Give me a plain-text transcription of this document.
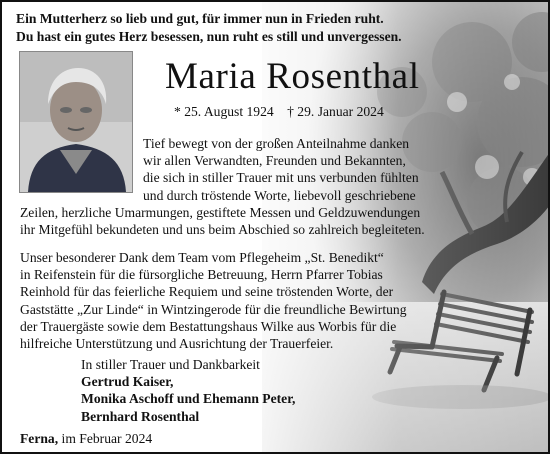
Ein Mutterherz so lieb und gut, für immer nun in Frieden ruht.
Du hast ein gutes Herz besessen, nun ruht es still und unvergessen.
Maria Rosenthal
* 25. August 1924 † 29. Januar 2024
Tief bewegt von der großen Anteilnahme danken
wir allen Verwandten, Freunden und Bekannten,
die sich in stiller Trauer mit uns verbunden fühlten
und durch tröstende Worte, liebevoll geschriebene
Zeilen, herzliche Umarmungen, gestiftete Messen und Geldzuwendungen
ihr Mitgefühl bekundeten und uns beim Abschied so zahlreich begleiteten.
Unser besonderer Dank dem Team vom Pflegeheim „St. Benedikt“
in Reifenstein für die fürsorgliche Betreuung, Herrn Pfarrer Tobias
Reinhold für das feierliche Requiem und seine tröstenden Worte, der
Gaststätte „Zur Linde“ in Wintzingerode für die freundliche Bewirtung
der Trauergäste sowie dem Bestattungshaus Wilke aus Worbis für die
hilfreiche Unterstützung und Ausrichtung der Trauerfeier.
In stiller Trauer und Dankbarkeit
Gertrud Kaiser,
Monika Aschoff und Ehemann Peter,
Bernhard Rosenthal
Ferna, im Februar 2024
